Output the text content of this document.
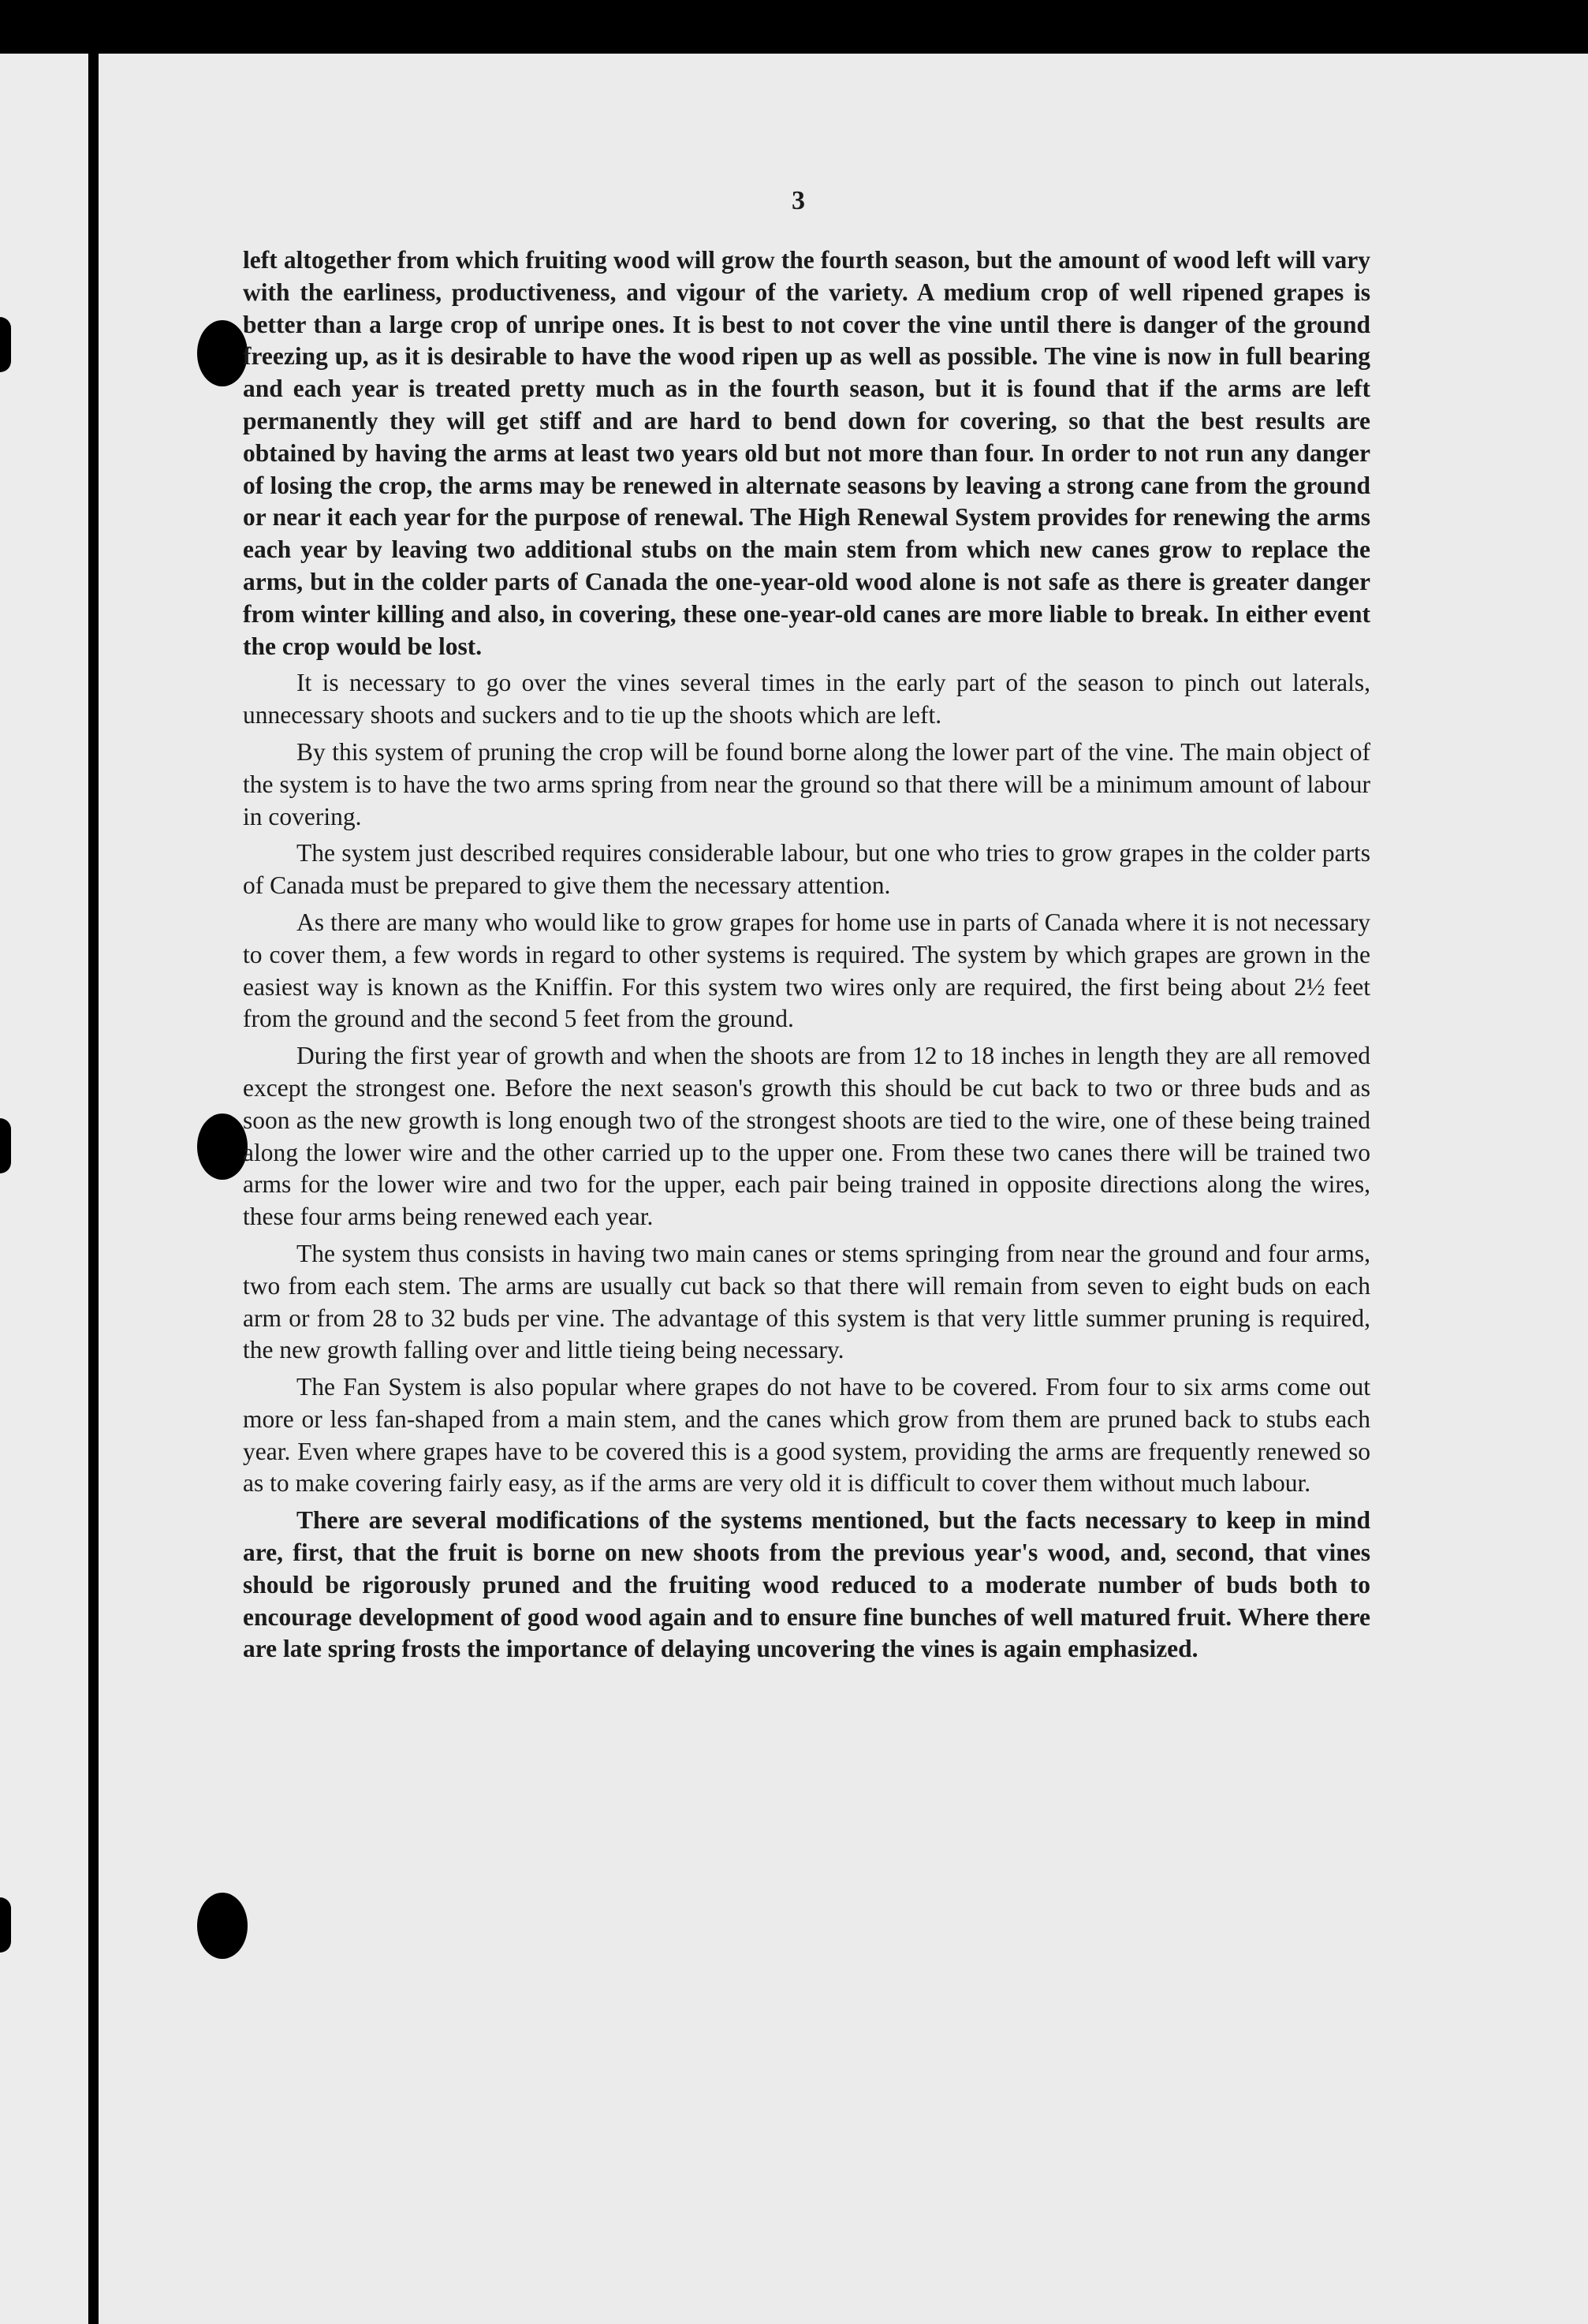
3

left altogether from which fruiting wood will grow the fourth season, but the amount of wood left will vary with the earliness, productiveness, and vigour of the variety. A medium crop of well ripened grapes is better than a large crop of unripe ones. It is best to not cover the vine until there is danger of the ground freezing up, as it is desirable to have the wood ripen up as well as possible. The vine is now in full bearing and each year is treated pretty much as in the fourth season, but it is found that if the arms are left permanently they will get stiff and are hard to bend down for covering, so that the best results are obtained by having the arms at least two years old but not more than four. In order to not run any danger of losing the crop, the arms may be renewed in alternate seasons by leaving a strong cane from the ground or near it each year for the purpose of renewal. The High Renewal System provides for renewing the arms each year by leaving two additional stubs on the main stem from which new canes grow to replace the arms, but in the colder parts of Canada the one-year-old wood alone is not safe as there is greater danger from winter killing and also, in covering, these one-year-old canes are more liable to break. In either event the crop would be lost.

It is necessary to go over the vines several times in the early part of the season to pinch out laterals, unnecessary shoots and suckers and to tie up the shoots which are left.

By this system of pruning the crop will be found borne along the lower part of the vine. The main object of the system is to have the two arms spring from near the ground so that there will be a minimum amount of labour in covering.

The system just described requires considerable labour, but one who tries to grow grapes in the colder parts of Canada must be prepared to give them the necessary attention.

As there are many who would like to grow grapes for home use in parts of Canada where it is not necessary to cover them, a few words in regard to other systems is required. The system by which grapes are grown in the easiest way is known as the Kniffin. For this system two wires only are required, the first being about 2½ feet from the ground and the second 5 feet from the ground.

During the first year of growth and when the shoots are from 12 to 18 inches in length they are all removed except the strongest one. Before the next season's growth this should be cut back to two or three buds and as soon as the new growth is long enough two of the strongest shoots are tied to the wire, one of these being trained along the lower wire and the other carried up to the upper one. From these two canes there will be trained two arms for the lower wire and two for the upper, each pair being trained in opposite directions along the wires, these four arms being renewed each year.

The system thus consists in having two main canes or stems springing from near the ground and four arms, two from each stem. The arms are usually cut back so that there will remain from seven to eight buds on each arm or from 28 to 32 buds per vine. The advantage of this system is that very little summer pruning is required, the new growth falling over and little tieing being necessary.

The Fan System is also popular where grapes do not have to be covered. From four to six arms come out more or less fan-shaped from a main stem, and the canes which grow from them are pruned back to stubs each year. Even where grapes have to be covered this is a good system, providing the arms are frequently renewed so as to make covering fairly easy, as if the arms are very old it is difficult to cover them without much labour.

There are several modifications of the systems mentioned, but the facts necessary to keep in mind are, first, that the fruit is borne on new shoots from the previous year's wood, and, second, that vines should be rigorously pruned and the fruiting wood reduced to a moderate number of buds both to encourage development of good wood again and to ensure fine bunches of well matured fruit. Where there are late spring frosts the importance of delaying uncovering the vines is again emphasized.
